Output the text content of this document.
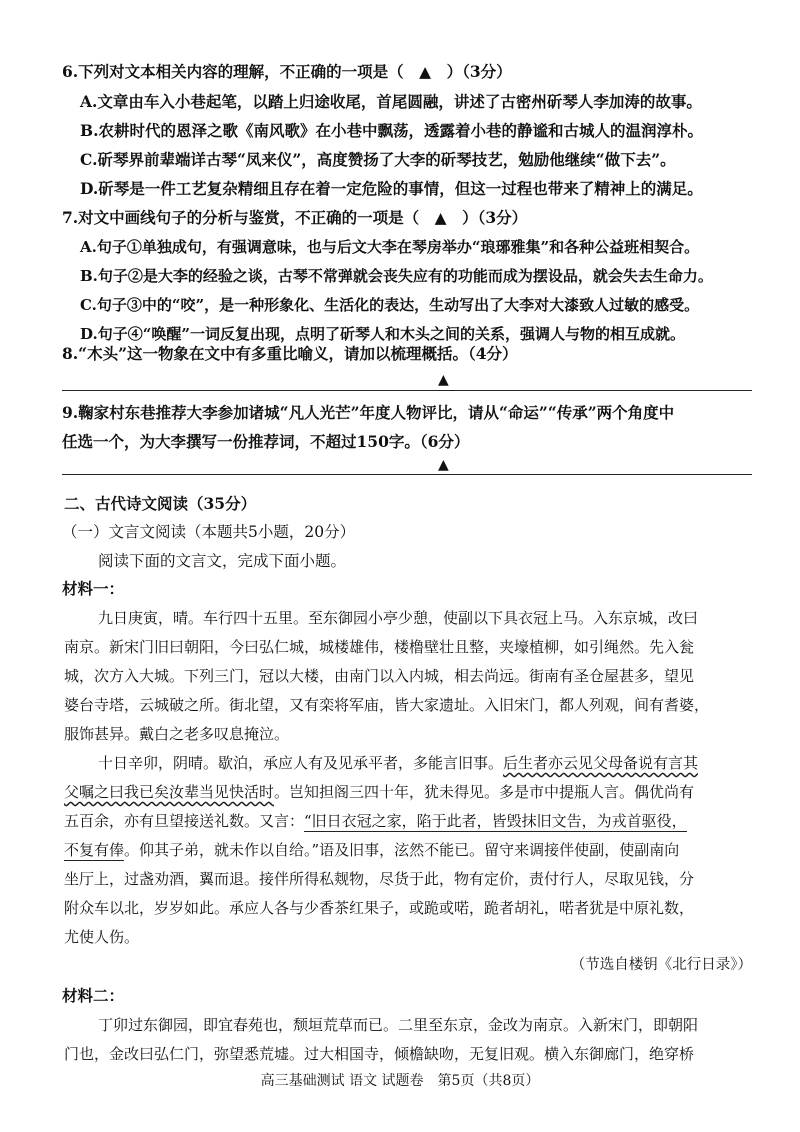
6.下列对文本相关内容的理解，不正确的一项是（　▲　）（3分）
A.文章由车入小巷起笔，以踏上归途收尾，首尾圆融，讲述了古密州斫琴人李加涛的故事。
B.农耕时代的恩泽之歌《南风歌》在小巷中飘荡，透露着小巷的静谧和古城人的温润淳朴。
C.斫琴界前辈端详古琴“凤来仪”，高度赞扬了大李的斫琴技艺，勉励他继续“做下去”。
D.斫琴是一件工艺复杂精细且存在着一定危险的事情，但这一过程也带来了精神上的满足。
7.对文中画线句子的分析与鉴赏，不正确的一项是（　▲　）（3分）
A.句子①单独成句，有强调意味，也与后文大李在琴房举办“琅琊雅集”和各种公益班相契合。
B.句子②是大李的经验之谈，古琴不常弹就会丧失应有的功能而成为摆设品，就会失去生命力。
C.句子③中的“咬”，是一种形象化、生活化的表达，生动写出了大李对大漆致人过敏的感受。
D.句子④“唤醒”一词反复出现，点明了斫琴人和木头之间的关系，强调人与物的相互成就。
8.“木头”这一物象在文中有多重比喻义，请加以梳理概括。（4分）
▲
9.鞠家村东巷推荐大李参加诸城“凡人光芒”年度人物评比，请从“命运”“传承”两个角度中
任选一个，为大李撰写一份推荐词，不超过150字。（6分）
▲
二、古代诗文阅读（35分）
（一）文言文阅读（本题共5小题，20分）
阅读下面的文言文，完成下面小题。
材料一：
九日庚寅，晴。车行四十五里。至东御园小亭少憩，使副以下具衣冠上马。入东京城，改曰
南京。新宋门旧曰朝阳，今曰弘仁城，城楼雄伟，楼橹壁壮且整，夹壕植柳，如引绳然。先入瓮
城，次方入大城。下列三门，冠以大楼，由南门以入内城，相去尚远。街南有圣仓屋甚多，望见
婆台寺塔，云城破之所。街北望，又有栾将军庙，皆大家遗址。入旧宋门，都人列观，间有耆婆，
服饰甚异。戴白之老多叹息掩泣。
十日辛卯，阴晴。歇泊，承应人有及见承平者，多能言旧事。后生者亦云见父母备说有言其
父嘱之曰我已矣汝辈当见快活时。岂知担阁三四十年，犹未得见。多是市中提瓶人言。偶优尚有
五百余，亦有旦望接送礼数。又言：“旧日衣冠之家，陷于此者，皆毁抹旧文告，为戎首驱役，
不复有俸。仰其子弟，就未作以自给。”语及旧事，泫然不能已。留守来调接伴使副，使副南向
坐厅上，过盏劝酒，翼而退。接伴所得私觌物，尽货于此，物有定价，责付行人，尽取见钱，分
附众车以北，岁岁如此。承应人各与少香茶红果子，或跪或喏，跪者胡礼，喏者犹是中原礼数，
尤使人伤。
（节选自楼钥《北行日录》）
材料二：
丁卯过东御园，即宜春苑也，颓垣荒草而已。二里至东京，金改为南京。入新宋门，即朝阳
门也，金改曰弘仁门，弥望悉荒墟。过大相国寺，倾檐缺吻，无复旧观。横入东御廊门，绝穿桥
高三基础测试 语文 试题卷　第5页（共8页）
